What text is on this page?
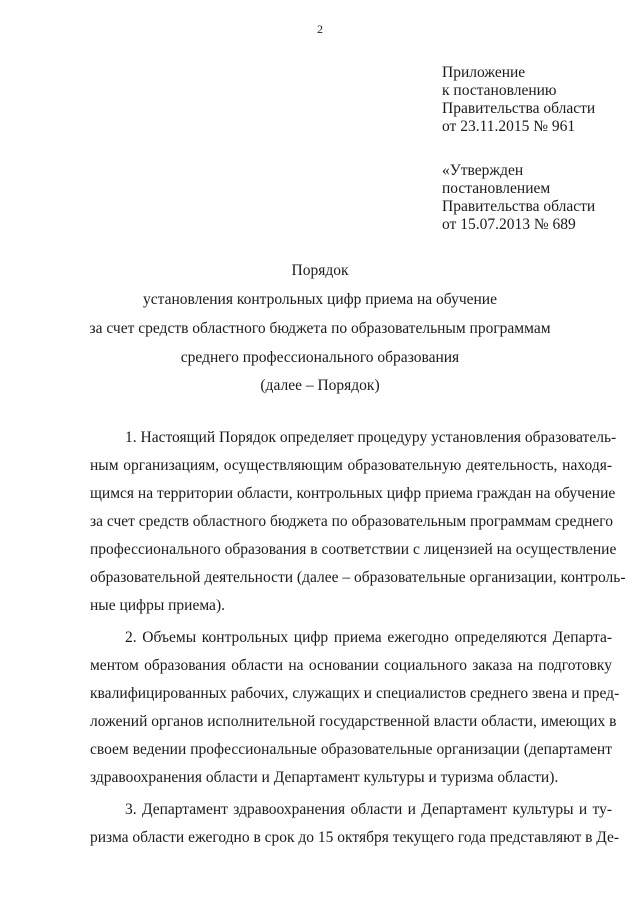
2
Приложение
к постановлению
Правительства области
от 23.11.2015 № 961
«Утвержден
постановлением
Правительства области
от 15.07.2013 № 689
Порядок
установления контрольных цифр приема на обучение
за счет средств областного бюджета по образовательным программам
среднего профессионального образования
(далее – Порядок)
1. Настоящий Порядок определяет процедуру установления образователь-
ным организациям, осуществляющим образовательную деятельность, находя-
щимся на территории области, контрольных цифр приема граждан на обучение
за счет средств областного бюджета по образовательным программам среднего
профессионального образования в соответствии с лицензией на осуществление
образовательной деятельности (далее – образовательные организации, контроль-
ные цифры приема).
2. Объемы контрольных цифр приема ежегодно определяются Департа-
ментом образования области на основании социального заказа на подготовку
квалифицированных рабочих, служащих и специалистов среднего звена и пред-
ложений органов исполнительной государственной власти области, имеющих в
своем ведении профессиональные образовательные организации (департамент
здравоохранения области и Департамент культуры и туризма области).
3. Департамент здравоохранения области и Департамент культуры и ту-
ризма области ежегодно в срок до 15 октября текущего года представляют в Де-
